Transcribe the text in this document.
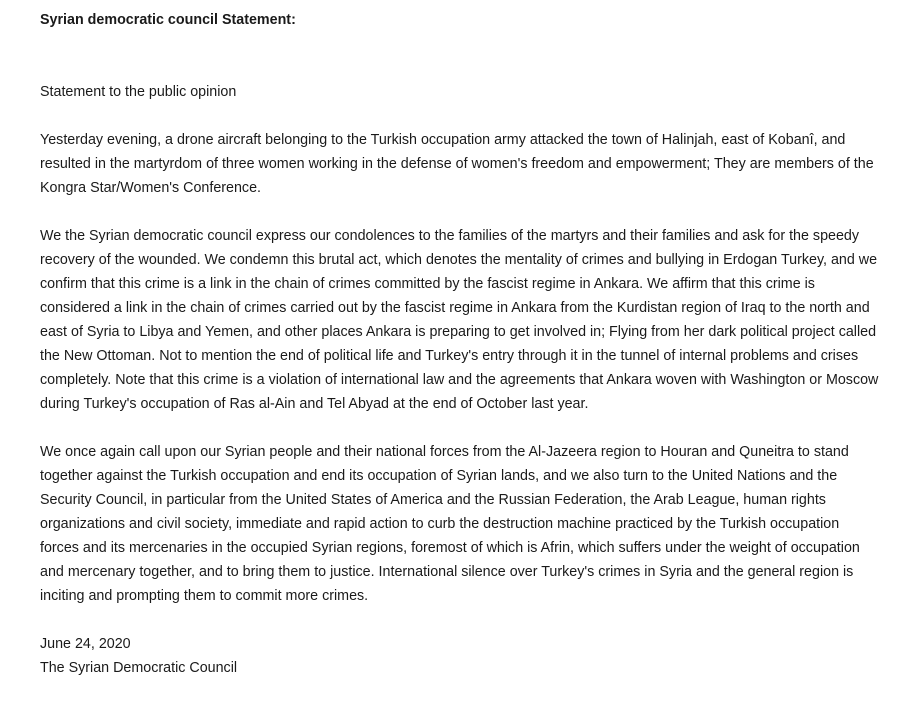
Syrian democratic council Statement:

Statement to the public opinion

Yesterday evening, a drone aircraft belonging to the Turkish occupation army attacked the town of Halinjah, east of Kobanî, and resulted in the martyrdom of three women working in the defense of women's freedom and empowerment; They are members of the Kongra Star/Women's Conference.

We the Syrian democratic council express our condolences to the families of the martyrs and their families and ask for the speedy recovery of the wounded. We condemn this brutal act, which denotes the mentality of crimes and bullying in Erdogan Turkey, and we confirm that this crime is a link in the chain of crimes committed by the fascist regime in Ankara. We affirm that this crime is considered a link in the chain of crimes carried out by the fascist regime in Ankara from the Kurdistan region of Iraq to the north and east of Syria to Libya and Yemen, and other places Ankara is preparing to get involved in; Flying from her dark political project called the New Ottoman. Not to mention the end of political life and Turkey's entry through it in the tunnel of internal problems and crises completely. Note that this crime is a violation of international law and the agreements that Ankara woven with Washington or Moscow during Turkey's occupation of Ras al-Ain and Tel Abyad at the end of October last year.

We once again call upon our Syrian people and their national forces from the Al-Jazeera region to Houran and Quneitra to stand together against the Turkish occupation and end its occupation of Syrian lands, and we also turn to the United Nations and the Security Council, in particular from the United States of America and the Russian Federation, the Arab League, human rights organizations and civil society, immediate and rapid action to curb the destruction machine practiced by the Turkish occupation forces and its mercenaries in the occupied Syrian regions, foremost of which is Afrin, which suffers under the weight of occupation and mercenary together, and to bring them to justice. International silence over Turkey's crimes in Syria and the general region is inciting and prompting them to commit more crimes.

June 24, 2020

The Syrian Democratic Council
